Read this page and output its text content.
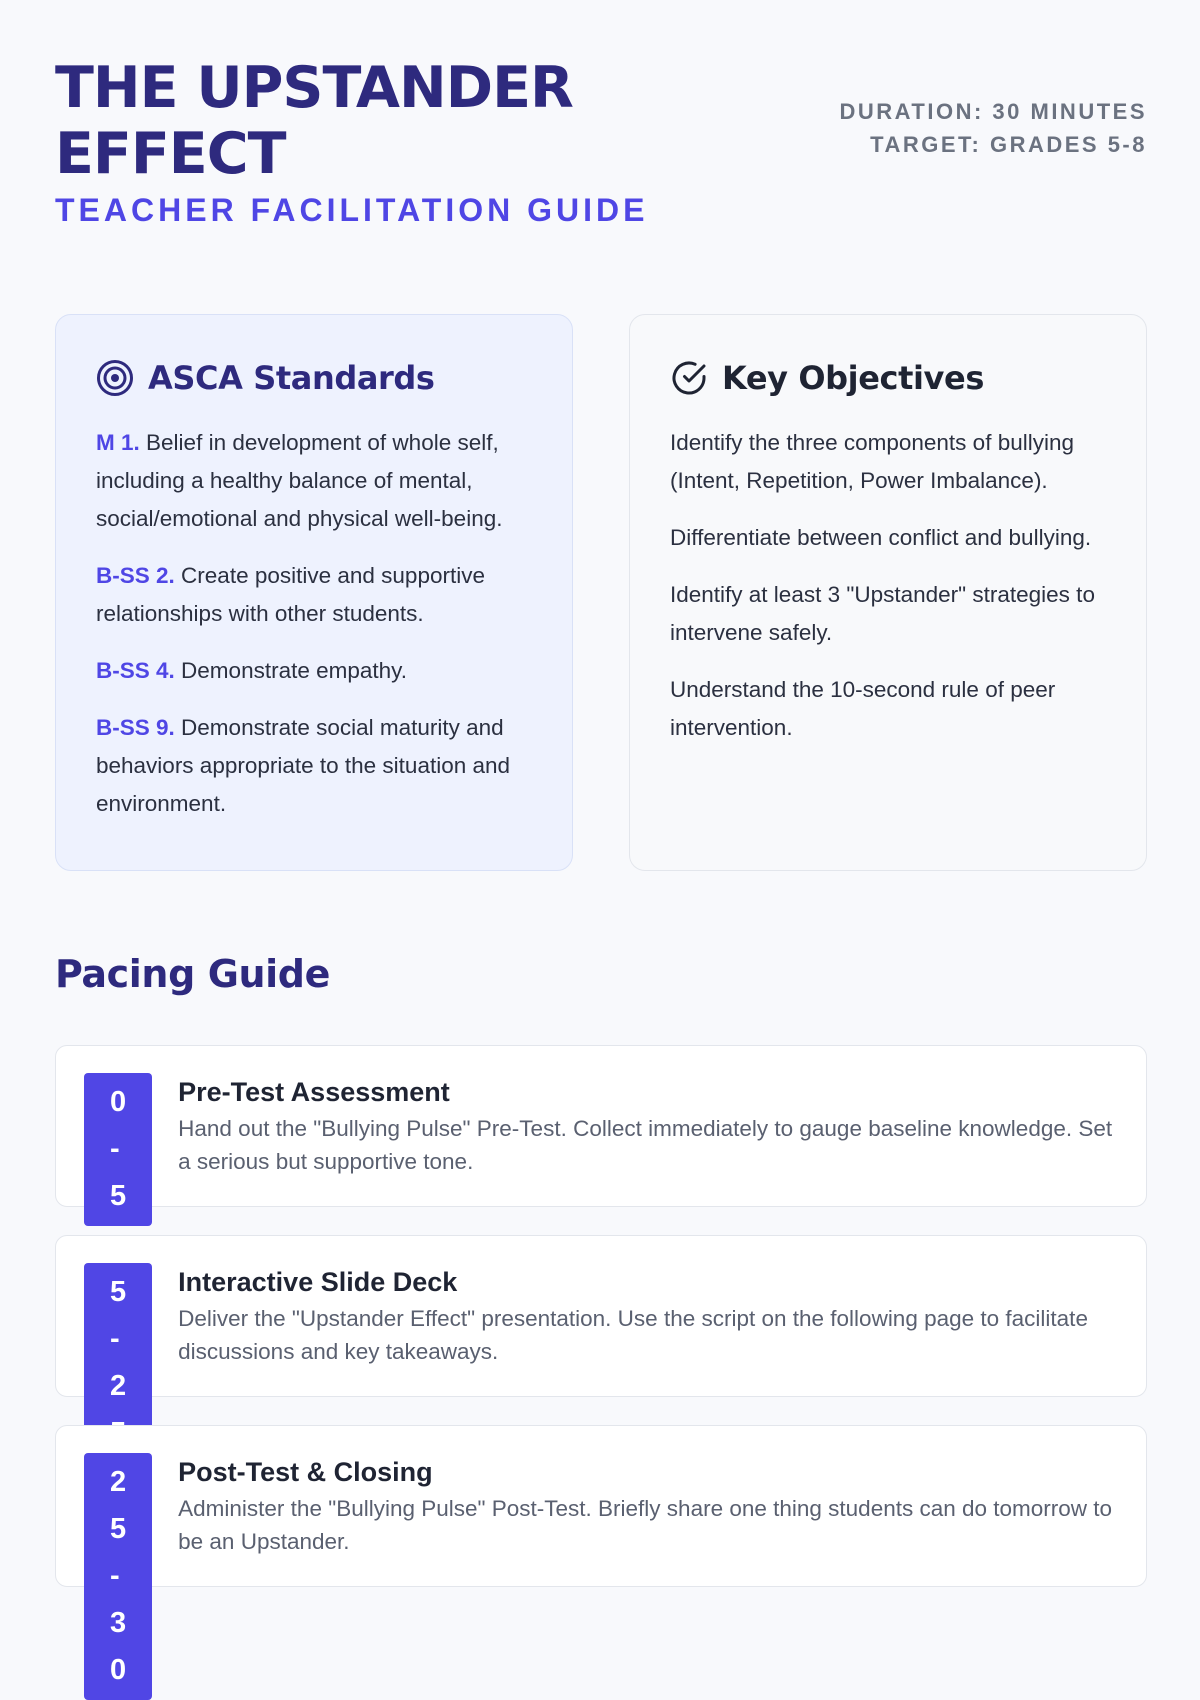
THE UPSTANDER EFFECT
TEACHER FACILITATION GUIDE
DURATION: 30 MINUTES
TARGET: GRADES 5-8
ASCA Standards

M 1. Belief in development of whole self, including a healthy balance of mental, social/emotional and physical well-being.

B-SS 2. Create positive and supportive relationships with other students.

B-SS 4. Demonstrate empathy.

B-SS 9. Demonstrate social maturity and behaviors appropriate to the situation and environment.

Key Objectives

Identify the three components of bullying (Intent, Repetition, Power Imbalance).

Differentiate between conflict and bullying.

Identify at least 3 "Upstander" strategies to intervene safely.

Understand the 10-second rule of peer intervention.

Pacing Guide
0-5
Pre-Test Assessment

Hand out the "Bullying Pulse" Pre-Test. Collect immediately to gauge baseline knowledge. Set a serious but supportive tone.

5-2
Interactive Slide Deck

Deliver the "Upstander Effect" presentation. Use the script on the following page to facilitate discussions and key takeaways.

25-30
Post-Test & Closing

Administer the "Bullying Pulse" Post-Test. Briefly share one thing students can do tomorrow to be an Upstander.
